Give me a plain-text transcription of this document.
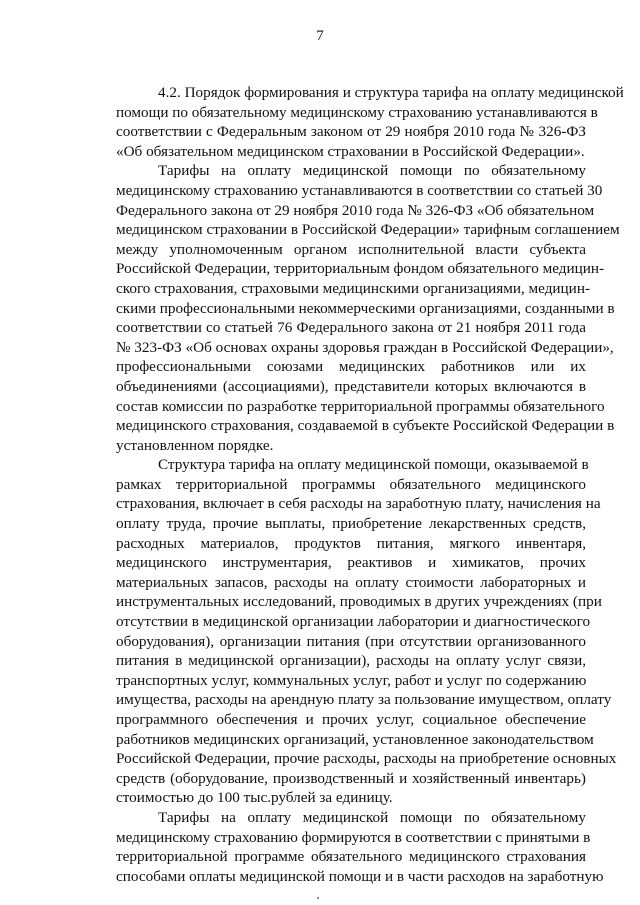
7
4.2. Порядок формирования и структура тарифа на оплату медицинской
помощи по обязательному медицинскому страхованию устанавливаются в
соответствии с Федеральным законом от 29 ноября 2010 года № 326-ФЗ
«Об обязательном медицинском страховании в Российской Федерации».
Тарифы на оплату медицинской помощи по обязательному
медицинскому страхованию устанавливаются в соответствии со статьей 30
Федерального закона от 29 ноября 2010 года № 326-ФЗ «Об обязательном
медицинском страховании в Российской Федерации» тарифным соглашением
между уполномоченным органом исполнительной власти субъекта
Российской Федерации, территориальным фондом обязательного медицин-
ского страхования, страховыми медицинскими организациями, медицин-
скими профессиональными некоммерческими организациями, созданными в
соответствии со статьей 76 Федерального закона от 21 ноября 2011 года
№ 323-ФЗ «Об основах охраны здоровья граждан в Российской Федерации»,
профессиональными союзами медицинских работников или их
объединениями (ассоциациями), представители которых включаются в
состав комиссии по разработке территориальной программы обязательного
медицинского страхования, создаваемой в субъекте Российской Федерации в
установленном порядке.
Структура тарифа на оплату медицинской помощи, оказываемой в
рамках территориальной программы обязательного медицинского
страхования, включает в себя расходы на заработную плату, начисления на
оплату труда, прочие выплаты, приобретение лекарственных средств,
расходных материалов, продуктов питания, мягкого инвентаря,
медицинского инструментария, реактивов и химикатов, прочих
материальных запасов, расходы на оплату стоимости лабораторных и
инструментальных исследований, проводимых в других учреждениях (при
отсутствии в медицинской организации лаборатории и диагностического
оборудования), организации питания (при отсутствии организованного
питания в медицинской организации), расходы на оплату услуг связи,
транспортных услуг, коммунальных услуг, работ и услуг по содержанию
имущества, расходы на арендную плату за пользование имуществом, оплату
программного обеспечения и прочих услуг, социальное обеспечение
работников медицинских организаций, установленное законодательством
Российской Федерации, прочие расходы, расходы на приобретение основных
средств (оборудование, производственный и хозяйственный инвентарь)
стоимостью до 100 тыс.рублей за единицу.
Тарифы на оплату медицинской помощи по обязательному
медицинскому страхованию формируются в соответствии с принятыми в
территориальной программе обязательного медицинского страхования
способами оплаты медицинской помощи и в части расходов на заработную
